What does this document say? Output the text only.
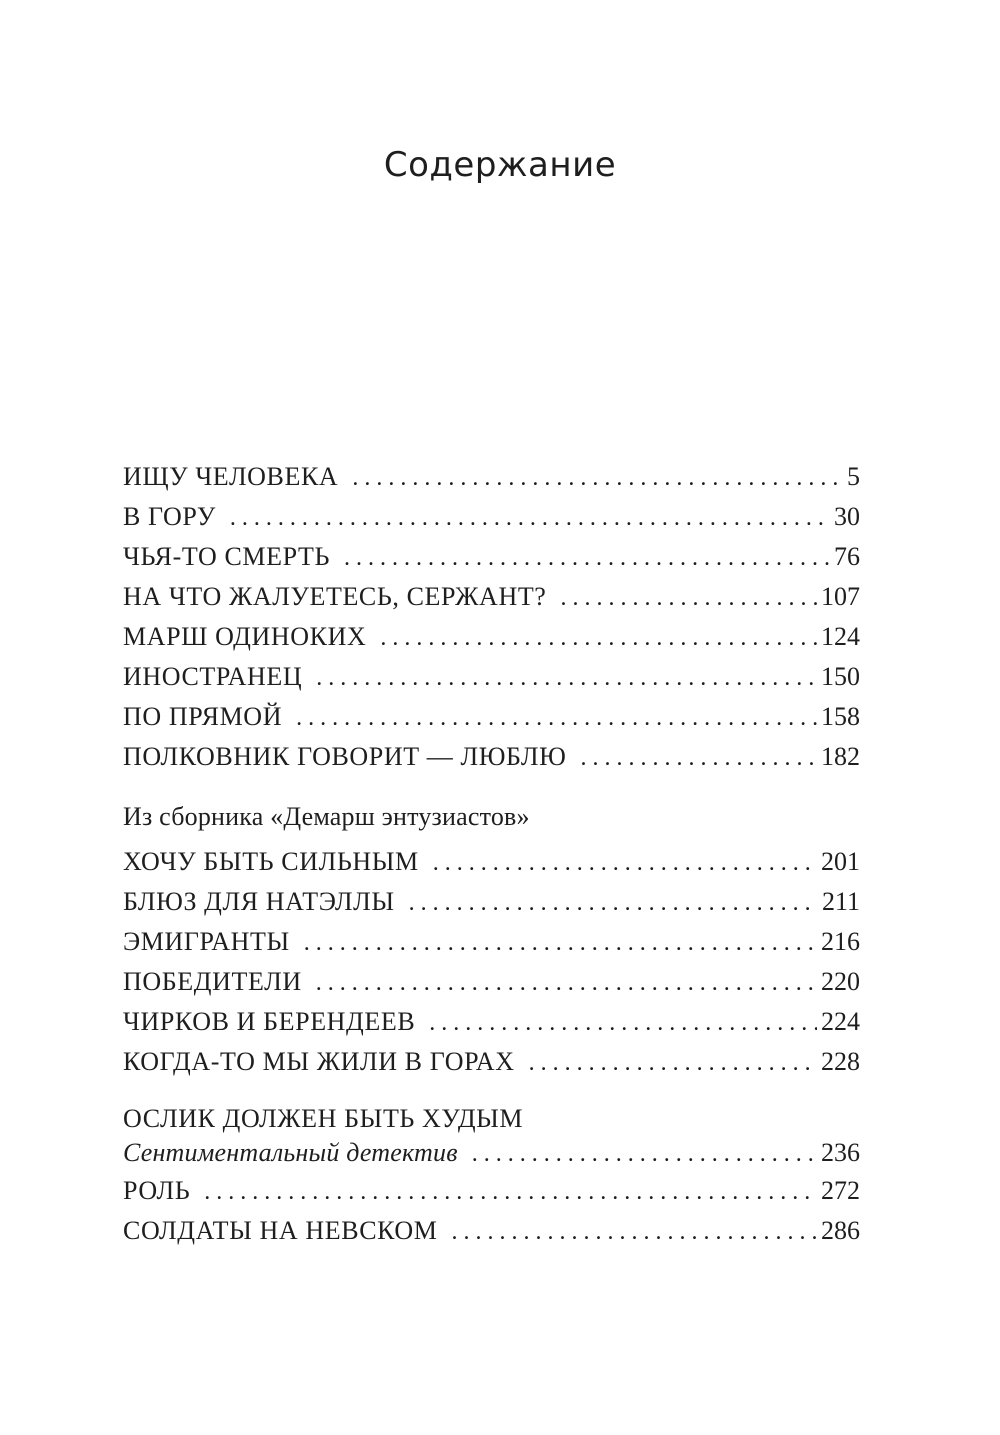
Содержание
ИЩУ ЧЕЛОВЕКА . . .	5
В ГОРУ . . .	30
ЧЬЯ-ТО СМЕРТЬ . . .	76
НА ЧТО ЖАЛУЕТЕСЬ, СЕРЖАНТ? . . .	107
МАРШ ОДИНОКИХ . . .	124
ИНОСТРАНЕЦ . . .	150
ПО ПРЯМОЙ . . .	158
ПОЛКОВНИК ГОВОРИТ — ЛЮБЛЮ . . .	182
Из сборника «Демарш энтузиастов»
ХОЧУ БЫТЬ СИЛЬНЫМ . . .	201
БЛЮЗ ДЛЯ НАТЭЛЛЫ . . .	211
ЭМИГРАНТЫ . . .	216
ПОБЕДИТЕЛИ . . .	220
ЧИРКОВ И БЕРЕНДЕЕВ . . .	224
КОГДА-ТО МЫ ЖИЛИ В ГОРАХ . . .	228
ОСЛИК ДОЛЖЕН БЫТЬ ХУДЫМ
Сентиментальный детектив . . .	236
РОЛЬ . . .	272
СОЛДАТЫ НА НЕВСКОМ . . .	286
